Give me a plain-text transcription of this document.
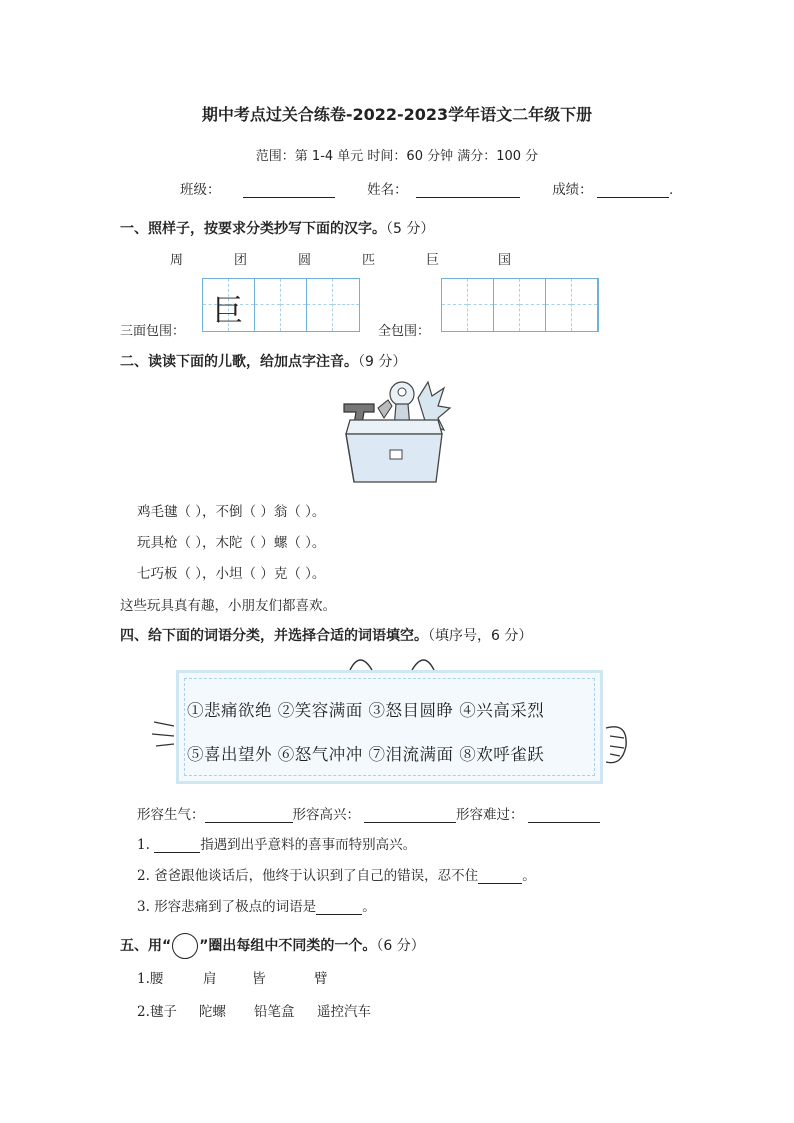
期中考点过关合练卷-2022-2023学年语文二年级下册
范围：第 1-4 单元 时间：60 分钟 满分：100 分
班级：	姓名：	成绩：	.
一、照样子，按要求分类抄写下面的汉字。（5 分）
周	团	圆	匹	巨	国
三面包围：
巨
全包围：
二、读读下面的儿歌，给加点字注音。（9 分）
鸡毛毽（ ），不倒（ ）翁（ ）。
玩具枪（ ），木陀（ ）螺（ ）。
七巧板（ ），小坦（ ）克（ ）。
这些玩具真有趣，小朋友们都喜欢。
四、给下面的词语分类，并选择合适的词语填空。（填序号，6 分）
①悲痛欲绝 ②笑容满面 ③怒目圆睁 ④兴高采烈
⑤喜出望外 ⑥怒气冲冲 ⑦泪流满面 ⑧欢呼雀跃
形容生气：	形容高兴：	形容难过：
1.	指遇到出乎意料的喜事而特别高兴。
2. 爸爸跟他谈话后，他终于认识到了自己的错误，忍不住	。
3. 形容悲痛到了极点的词语是	。
五、用“ ”圈出每组中不同类的一个。（6 分）
1.腰	肩	皆	臂
2.毽子 陀螺 铅笔盒 遥控汽车
